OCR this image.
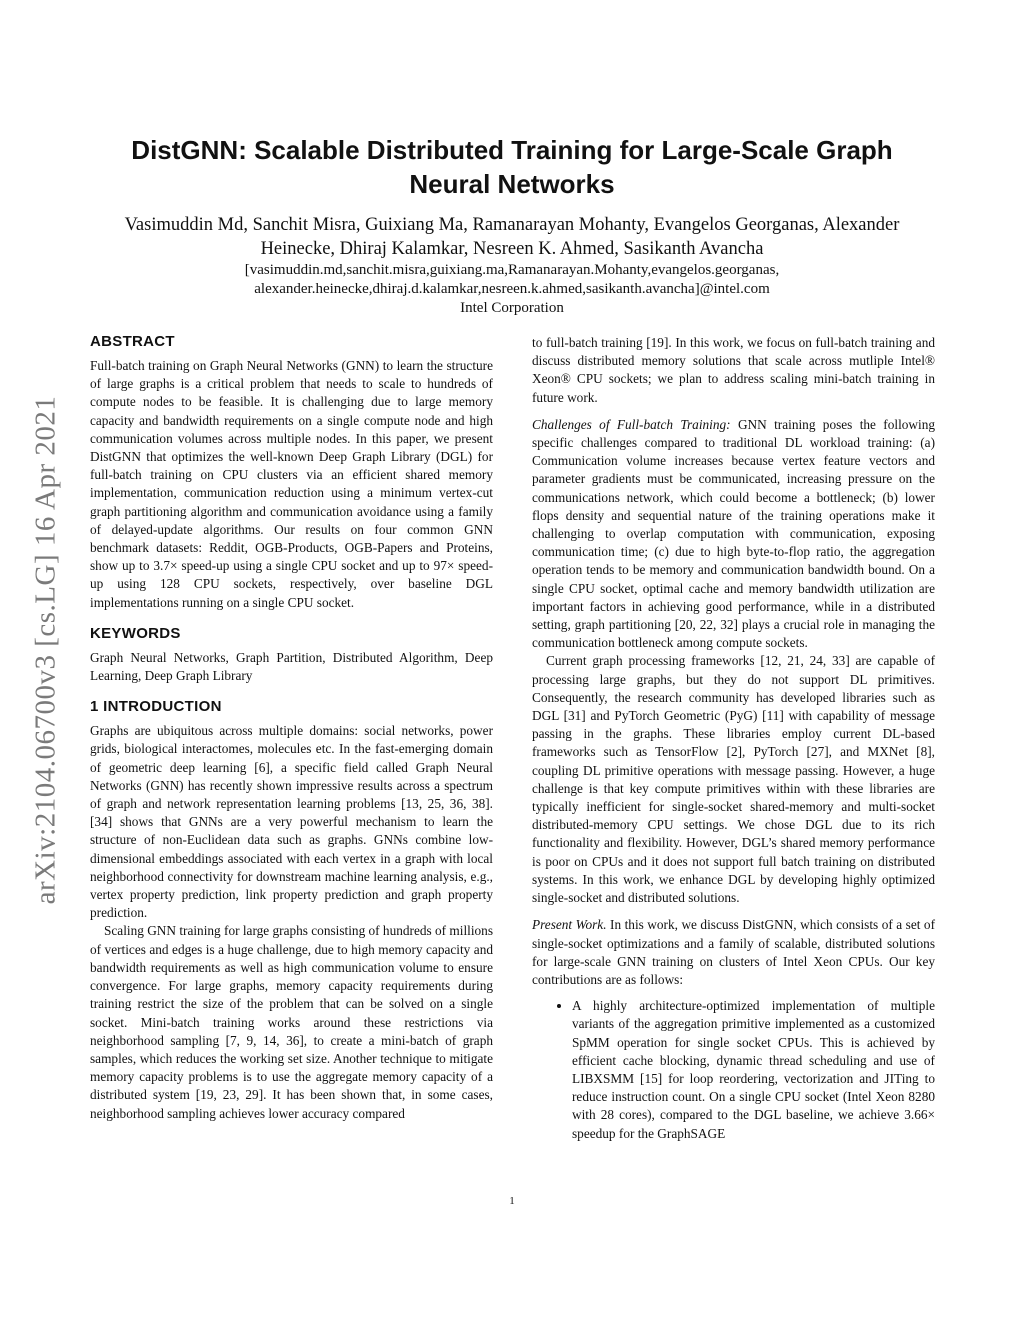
arXiv:2104.06700v3 [cs.LG] 16 Apr 2021
DistGNN: Scalable Distributed Training for Large-Scale Graph Neural Networks
Vasimuddin Md, Sanchit Misra, Guixiang Ma, Ramanarayan Mohanty, Evangelos Georganas, Alexander Heinecke, Dhiraj Kalamkar, Nesreen K. Ahmed, Sasikanth Avancha
[vasimuddin.md,sanchit.misra,guixiang.ma,Ramanarayan.Mohanty,evangelos.georganas, alexander.heinecke,dhiraj.d.kalamkar,nesreen.k.ahmed,sasikanth.avancha]@intel.com
Intel Corporation
ABSTRACT

Full-batch training on Graph Neural Networks (GNN) to learn the structure of large graphs is a critical problem that needs to scale to hundreds of compute nodes to be feasible. It is challenging due to large memory capacity and bandwidth requirements on a single compute node and high communication volumes across multiple nodes. In this paper, we present DistGNN that optimizes the well-known Deep Graph Library (DGL) for full-batch training on CPU clusters via an efficient shared memory implementation, communication reduction using a minimum vertex-cut graph partitioning algorithm and communication avoidance using a family of delayed-update algorithms. Our results on four common GNN benchmark datasets: Reddit, OGB-Products, OGB-Papers and Proteins, show up to 3.7× speed-up using a single CPU socket and up to 97× speed-up using 128 CPU sockets, respectively, over baseline DGL implementations running on a single CPU socket.

KEYWORDS

Graph Neural Networks, Graph Partition, Distributed Algorithm, Deep Learning, Deep Graph Library

1 INTRODUCTION

Graphs are ubiquitous across multiple domains: social networks, power grids, biological interactomes, molecules etc. In the fast-emerging domain of geometric deep learning [6], a specific field called Graph Neural Networks (GNN) has recently shown impressive results across a spectrum of graph and network representation learning problems [13, 25, 36, 38]. [34] shows that GNNs are a very powerful mechanism to learn the structure of non-Euclidean data such as graphs. GNNs combine low-dimensional embeddings associated with each vertex in a graph with local neighborhood connectivity for downstream machine learning analysis, e.g., vertex property prediction, link property prediction and graph property prediction.

Scaling GNN training for large graphs consisting of hundreds of millions of vertices and edges is a huge challenge, due to high memory capacity and bandwidth requirements as well as high communication volume to ensure convergence. For large graphs, memory capacity requirements during training restrict the size of the problem that can be solved on a single socket. Mini-batch training works around these restrictions via neighborhood sampling [7, 9, 14, 36], to create a mini-batch of graph samples, which reduces the working set size. Another technique to mitigate memory capacity problems is to use the aggregate memory capacity of a distributed system [19, 23, 29]. It has been shown that, in some cases, neighborhood sampling achieves lower accuracy compared

to full-batch training [19]. In this work, we focus on full-batch training and discuss distributed memory solutions that scale across mutliple Intel® Xeon® CPU sockets; we plan to address scaling mini-batch training in future work.

Challenges of Full-batch Training: GNN training poses the following specific challenges compared to traditional DL workload training: (a) Communication volume increases because vertex feature vectors and parameter gradients must be communicated, increasing pressure on the communications network, which could become a bottleneck; (b) lower flops density and sequential nature of the training operations make it challenging to overlap computation with communication, exposing communication time; (c) due to high byte-to-flop ratio, the aggregation operation tends to be memory and communication bandwidth bound. On a single CPU socket, optimal cache and memory bandwidth utilization are important factors in achieving good performance, while in a distributed setting, graph partitioning [20, 22, 32] plays a crucial role in managing the communication bottleneck among compute sockets.

Current graph processing frameworks [12, 21, 24, 33] are capable of processing large graphs, but they do not support DL primitives. Consequently, the research community has developed libraries such as DGL [31] and PyTorch Geometric (PyG) [11] with capability of message passing in the graphs. These libraries employ current DL-based frameworks such as TensorFlow [2], PyTorch [27], and MXNet [8], coupling DL primitive operations with message passing. However, a huge challenge is that key compute primitives within with these libraries are typically inefficient for single-socket shared-memory and multi-socket distributed-memory CPU settings. We chose DGL due to its rich functionality and flexibility. However, DGL’s shared memory performance is poor on CPUs and it does not support full batch training on distributed systems. In this work, we enhance DGL by developing highly optimized single-socket and distributed solutions.

Present Work. In this work, we discuss DistGNN, which consists of a set of single-socket optimizations and a family of scalable, distributed solutions for large-scale GNN training on clusters of Intel Xeon CPUs. Our key contributions are as follows:

• A highly architecture-optimized implementation of multiple variants of the aggregation primitive implemented as a customized SpMM operation for single socket CPUs. This is achieved by efficient cache blocking, dynamic thread scheduling and use of LIBXSMM [15] for loop reordering, vectorization and JITing to reduce instruction count. On a single CPU socket (Intel Xeon 8280 with 28 cores), compared to the DGL baseline, we achieve 3.66× speedup for the GraphSAGE
1
